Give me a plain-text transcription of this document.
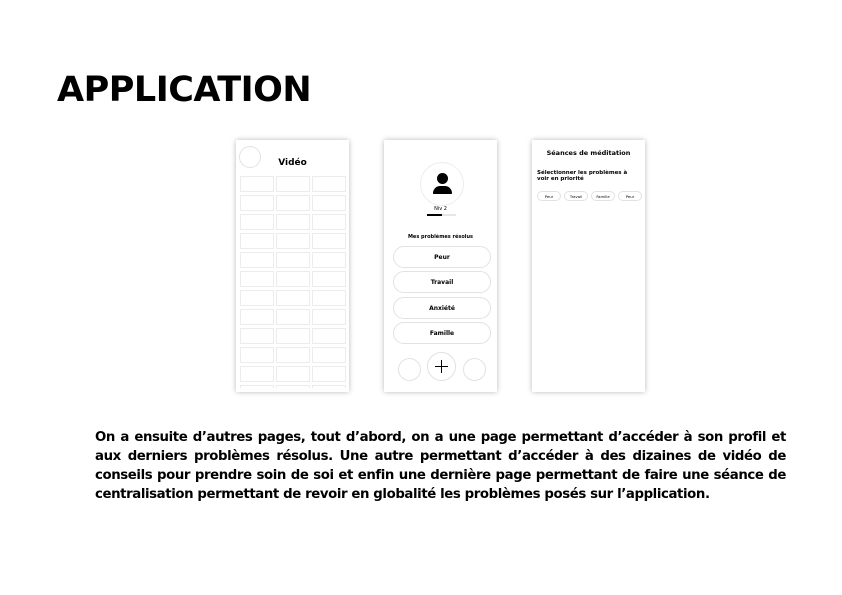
APPLICATION
Vidéo
Niv 2
Mes problèmes résolus
Peur
Travail
Anxiété
Famille
Séances de méditation
Sélectionner les problèmes à voir en priorité
Peur	Travail	Famille	Peur

On a ensuite d’autres pages, tout d’abord, on a une page permettant d’accéder à son profil et aux derniers problèmes résolus. Une autre permettant d’accéder à des dizaines de vidéo de conseils pour prendre soin de soi et enfin une dernière page permettant de faire une séance de centralisation permettant de revoir en globalité les problèmes posés sur l’application.
